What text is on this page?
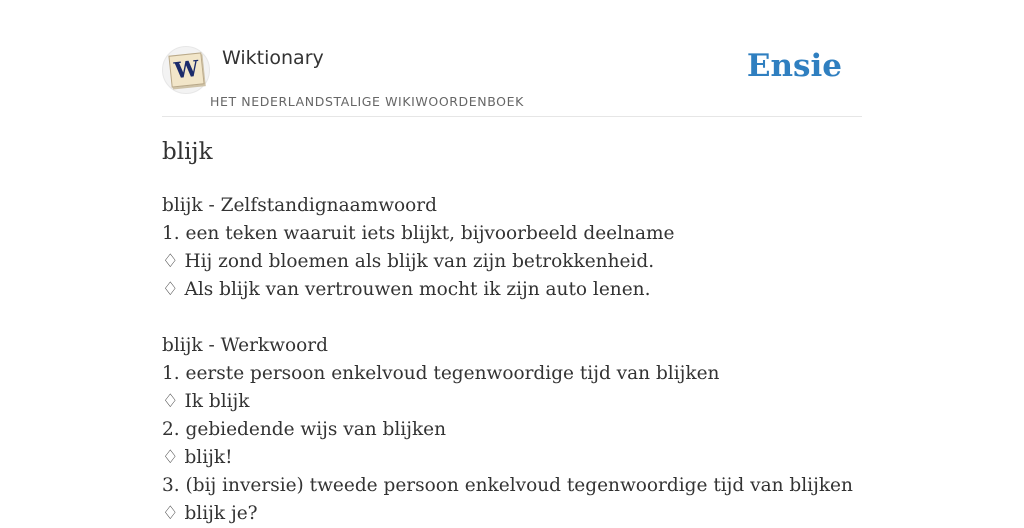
W Wiktionary
HET NEDERLANDSTALIGE WIKIWOORDENBOEK
Ensie
blijk
blijk - Zelfstandignaamwoord
1. een teken waaruit iets blijkt, bijvoorbeeld deelname
♢ Hij zond bloemen als blijk van zijn betrokkenheid.
♢ Als blijk van vertrouwen mocht ik zijn auto lenen.
blijk - Werkwoord
1. eerste persoon enkelvoud tegenwoordige tijd van blijken
♢ Ik blijk
2. gebiedende wijs van blijken
♢ blijk!
3. (bij inversie) tweede persoon enkelvoud tegenwoordige tijd van blijken
♢ blijk je?
